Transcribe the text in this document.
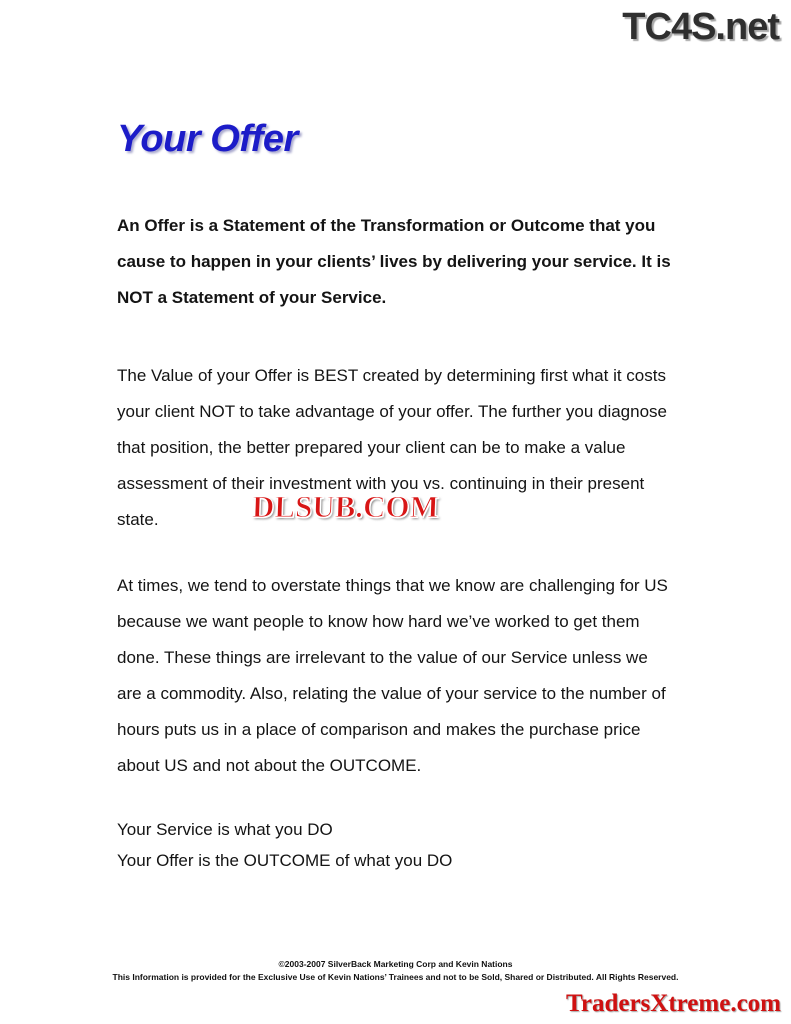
TC4S.net
Your Offer

An Offer is a Statement of the Transformation or Outcome that you cause to happen in your clients’ lives by delivering your service. It is NOT a Statement of your Service.

The Value of your Offer is BEST created by determining first what it costs your client NOT to take advantage of your offer. The further you diagnose that position, the better prepared your client can be to make a value assessment of their investment with you vs. continuing in their present state.

At times, we tend to overstate things that we know are challenging for US because we want people to know how hard we’ve worked to get them done. These things are irrelevant to the value of our Service unless we are a commodity. Also, relating the value of your service to the number of hours puts us in a place of comparison and makes the purchase price about US and not about the OUTCOME.

Your Service is what you DO

Your Offer is the OUTCOME of what you DO

DLSUB.COM
©2003-2007 SilverBack Marketing Corp and Kevin Nations
This Information is provided for the Exclusive Use of Kevin Nations’ Trainees and not to be Sold, Shared or Distributed. All Rights Reserved.
TradersXtreme.com
